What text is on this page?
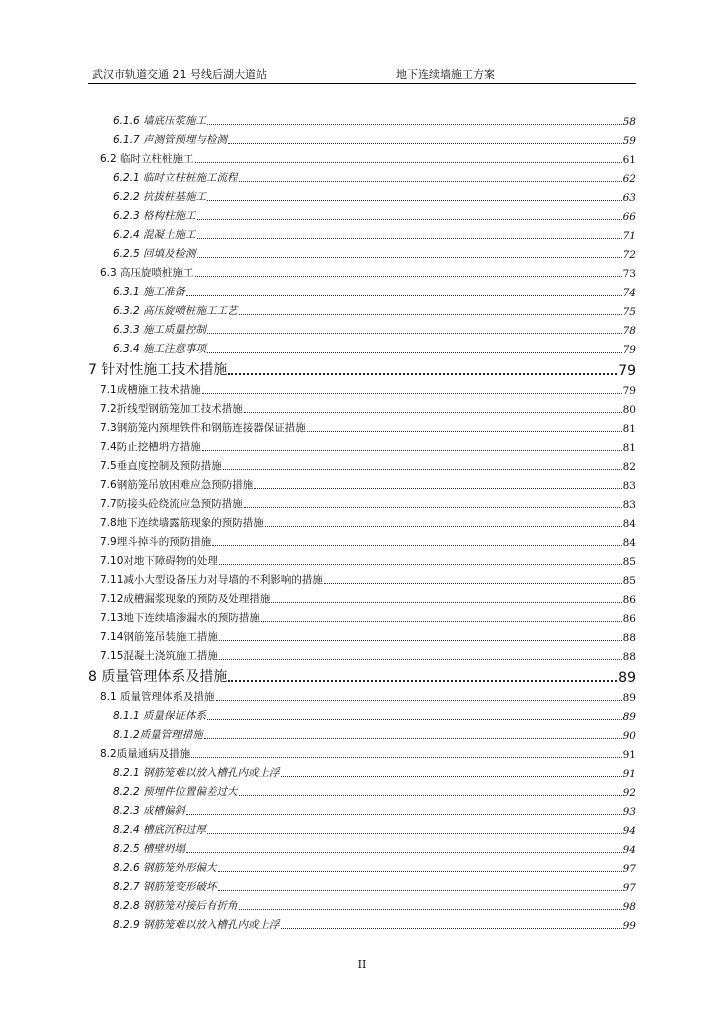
武汉市轨道交通 21 号线后湖大道站	地下连续墙施工方案
6.1.6 墙底压浆施工	58
6.1.7 声测管预埋与检测	59
6.2 临时立柱桩施工	61
6.2.1 临时立柱桩施工流程	62
6.2.2 抗拔桩基施工	63
6.2.3 格构柱施工	66
6.2.4 混凝土施工	71
6.2.5 回填及检测	72
6.3 高压旋喷桩施工	73
6.3.1 施工准备	74
6.3.2 高压旋喷桩施工工艺	75
6.3.3 施工质量控制	78
6.3.4 施工注意事项	79
7 针对性施工技术措施	79
7.1成槽施工技术措施	79
7.2折线型钢筋笼加工技术措施	80
7.3钢筋笼内预埋铁件和钢筋连接器保证措施	81
7.4防止挖槽坍方措施	81
7.5垂直度控制及预防措施	82
7.6钢筋笼吊放困难应急预防措施	83
7.7防接头砼绕流应急预防措施	83
7.8地下连续墙露筋现象的预防措施	84
7.9埋斗掉斗的预防措施	84
7.10对地下障碍物的处理	85
7.11减小大型设备压力对导墙的不利影响的措施	85
7.12成槽漏浆现象的预防及处理措施	86
7.13地下连续墙渗漏水的预防措施	86
7.14钢筋笼吊装施工措施	88
7.15混凝土浇筑施工措施	88
8 质量管理体系及措施	89
8.1 质量管理体系及措施	89
8.1.1 质量保证体系	89
8.1.2质量管理措施	90
8.2质量通病及措施	91
8.2.1 钢筋笼难以放入槽孔内或上浮	91
8.2.2 预埋件位置偏差过大	92
8.2.3 成槽偏斜	93
8.2.4 槽底沉积过厚	94
8.2.5 槽壁坍塌	94
8.2.6 钢筋笼外形偏大	97
8.2.7 钢筋笼变形破坏	97
8.2.8 钢筋笼对接后有折角	98
8.2.9 钢筋笼难以放入槽孔内或上浮	99
II
